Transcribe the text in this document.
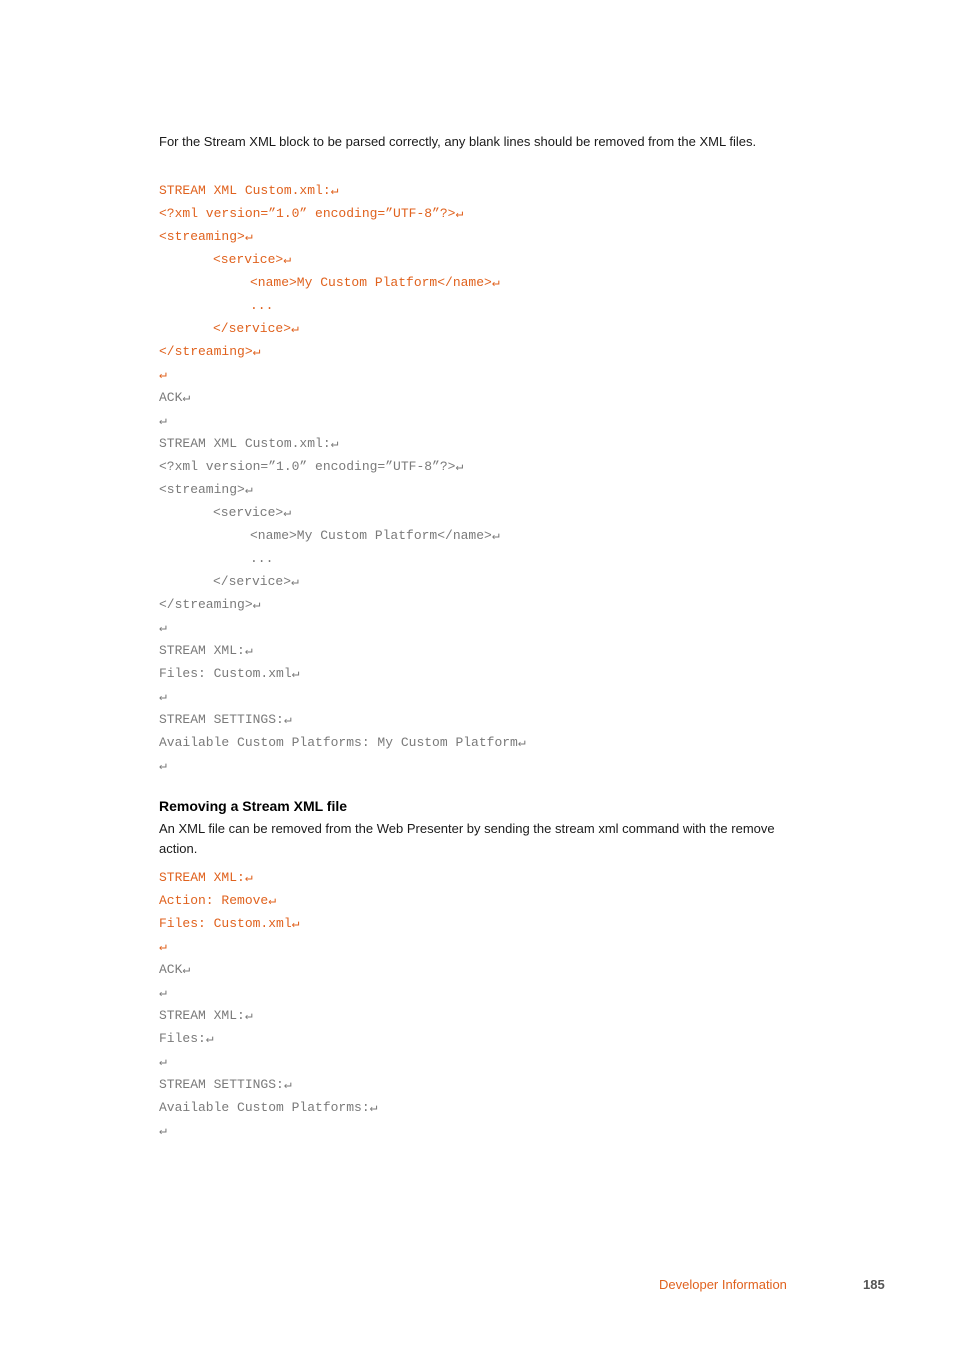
For the Stream XML block to be parsed correctly, any blank lines should be removed from the XML files.

STREAM XML Custom.xml:↵
<?xml version=”1.0” encoding=”UTF-8”?>↵
<streaming>↵
<service>↵
<name>My Custom Platform</name>↵
...
</service>↵
</streaming>↵
↵
ACK↵
↵
STREAM XML Custom.xml:↵
<?xml version=”1.0” encoding=”UTF-8”?>↵
<streaming>↵
<service>↵
<name>My Custom Platform</name>↵
...
</service>↵
</streaming>↵
↵
STREAM XML:↵
Files: Custom.xml↵
↵
STREAM SETTINGS:↵
Available Custom Platforms: My Custom Platform↵
↵
Removing a Stream XML file

An XML file can be removed from the Web Presenter by sending the stream xml command with the remove action.

STREAM XML:↵
Action: Remove↵
Files: Custom.xml↵
↵
ACK↵
↵
STREAM XML:↵
Files:↵
↵
STREAM SETTINGS:↵
Available Custom Platforms:↵
↵
Developer Information	185
